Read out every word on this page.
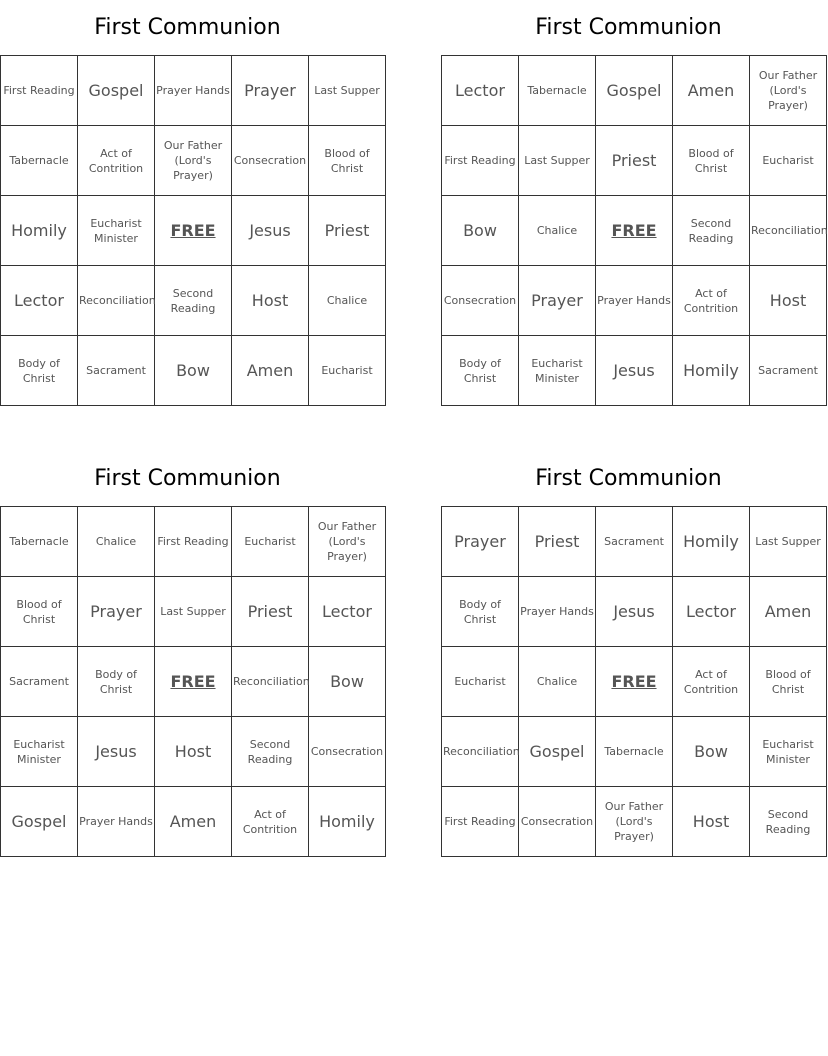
First Communion
First Reading	Gospel	Prayer Hands	Prayer	Last Supper
Tabernacle	Act of Contrition	Our Father (Lord's Prayer)	Consecration	Blood of Christ
Homily	Eucharist Minister	FREE	Jesus	Priest
Lector	Reconciliation	Second Reading	Host	Chalice
Body of Christ	Sacrament	Bow	Amen	Eucharist
First Communion
Lector	Tabernacle	Gospel	Amen	Our Father (Lord's Prayer)
First Reading	Last Supper	Priest	Blood of Christ	Eucharist
Bow	Chalice	FREE	Second Reading	Reconciliation
Consecration	Prayer	Prayer Hands	Act of Contrition	Host
Body of Christ	Eucharist Minister	Jesus	Homily	Sacrament
First Communion
Tabernacle	Chalice	First Reading	Eucharist	Our Father (Lord's Prayer)
Blood of Christ	Prayer	Last Supper	Priest	Lector
Sacrament	Body of Christ	FREE	Reconciliation	Bow
Eucharist Minister	Jesus	Host	Second Reading	Consecration
Gospel	Prayer Hands	Amen	Act of Contrition	Homily
First Communion
Prayer	Priest	Sacrament	Homily	Last Supper
Body of Christ	Prayer Hands	Jesus	Lector	Amen
Eucharist	Chalice	FREE	Act of Contrition	Blood of Christ
Reconciliation	Gospel	Tabernacle	Bow	Eucharist Minister
First Reading	Consecration	Our Father (Lord's Prayer)	Host	Second Reading
